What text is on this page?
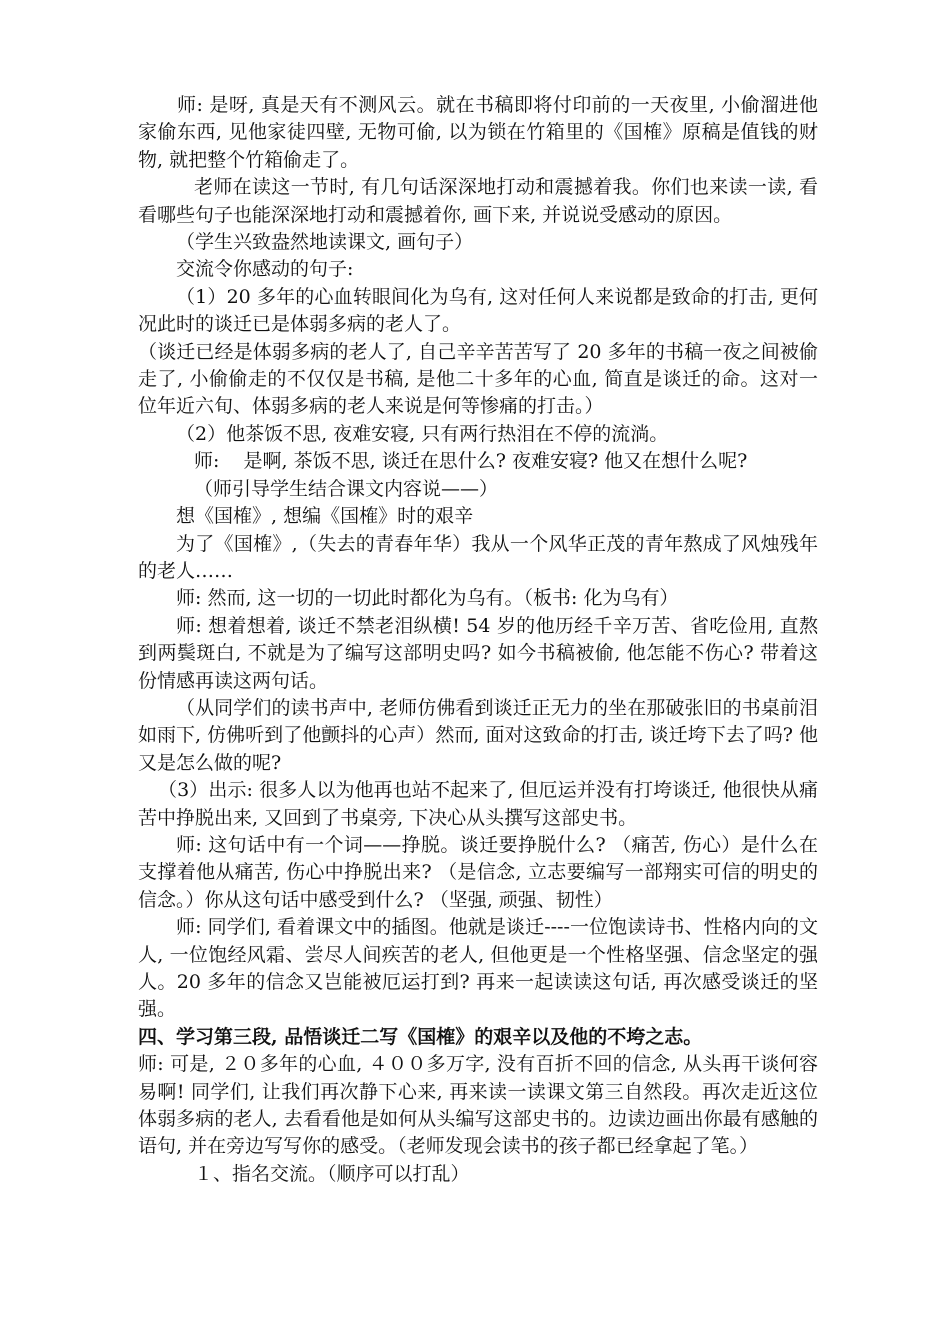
师: 是呀, 真是天有不测风云。就在书稿即将付印前的一天夜里, 小偷溜进他家偷东西, 见他家徒四壁, 无物可偷, 以为锁在竹箱里的《国榷》原稿是值钱的财物, 就把整个竹箱偷走了。

老师在读这一节时, 有几句话深深地打动和震撼着我。你们也来读一读, 看看哪些句子也能深深地打动和震撼着你, 画下来, 并说说受感动的原因。

（学生兴致盎然地读课文, 画句子）

交流令你感动的句子:

（1）20 多年的心血转眼间化为乌有, 这对任何人来说都是致命的打击, 更何况此时的谈迁已是体弱多病的老人了。

（谈迁已经是体弱多病的老人了, 自己辛辛苦苦写了 20 多年的书稿一夜之间被偷走了, 小偷偷走的不仅仅是书稿, 是他二十多年的心血, 简直是谈迁的命。这对一位年近六旬、体弱多病的老人来说是何等惨痛的打击。）

（2）他茶饭不思, 夜难安寝, 只有两行热泪在不停的流淌。

师:    是啊, 茶饭不思, 谈迁在思什么? 夜难安寝? 他又在想什么呢?

（师引导学生结合课文内容说——）

想《国榷》, 想编《国榷》时的艰辛

为了《国榷》,（失去的青春年华）我从一个风华正茂的青年熬成了风烛残年的老人……

师: 然而, 这一切的一切此时都化为乌有。（板书: 化为乌有）

师: 想着想着, 谈迁不禁老泪纵横! 54 岁的他历经千辛万苦、省吃俭用, 直熬到两鬓斑白, 不就是为了编写这部明史吗? 如今书稿被偷, 他怎能不伤心? 带着这份情感再读这两句话。

（从同学们的读书声中, 老师仿佛看到谈迁正无力的坐在那破张旧的书桌前泪如雨下, 仿佛听到了他颤抖的心声）然而, 面对这致命的打击, 谈迁垮下去了吗? 他又是怎么做的呢?

（3）出示: 很多人以为他再也站不起来了, 但厄运并没有打垮谈迁, 他很快从痛苦中挣脱出来, 又回到了书桌旁, 下决心从头撰写这部史书。

师: 这句话中有一个词——挣脱。谈迁要挣脱什么? （痛苦, 伤心）是什么在支撑着他从痛苦, 伤心中挣脱出来? （是信念, 立志要编写一部翔实可信的明史的信念。）你从这句话中感受到什么? （坚强, 顽强、韧性）

师: 同学们, 看着课文中的插图。他就是谈迁----一位饱读诗书、性格内向的文人, 一位饱经风霜、尝尽人间疾苦的老人, 但他更是一个性格坚强、信念坚定的强人。20 多年的信念又岂能被厄运打到? 再来一起读读这句话, 再次感受谈迁的坚强。

四、学习第三段, 品悟谈迁二写《国榷》的艰辛以及他的不垮之志。

师: 可是, ２０多年的心血, ４００多万字, 没有百折不回的信念, 从头再干谈何容易啊! 同学们, 让我们再次静下心来, 再来读一读课文第三自然段。再次走近这位体弱多病的老人, 去看看他是如何从头编写这部史书的。边读边画出你最有感触的语句, 并在旁边写写你的感受。（老师发现会读书的孩子都已经拿起了笔。）

１、指名交流。（顺序可以打乱）
